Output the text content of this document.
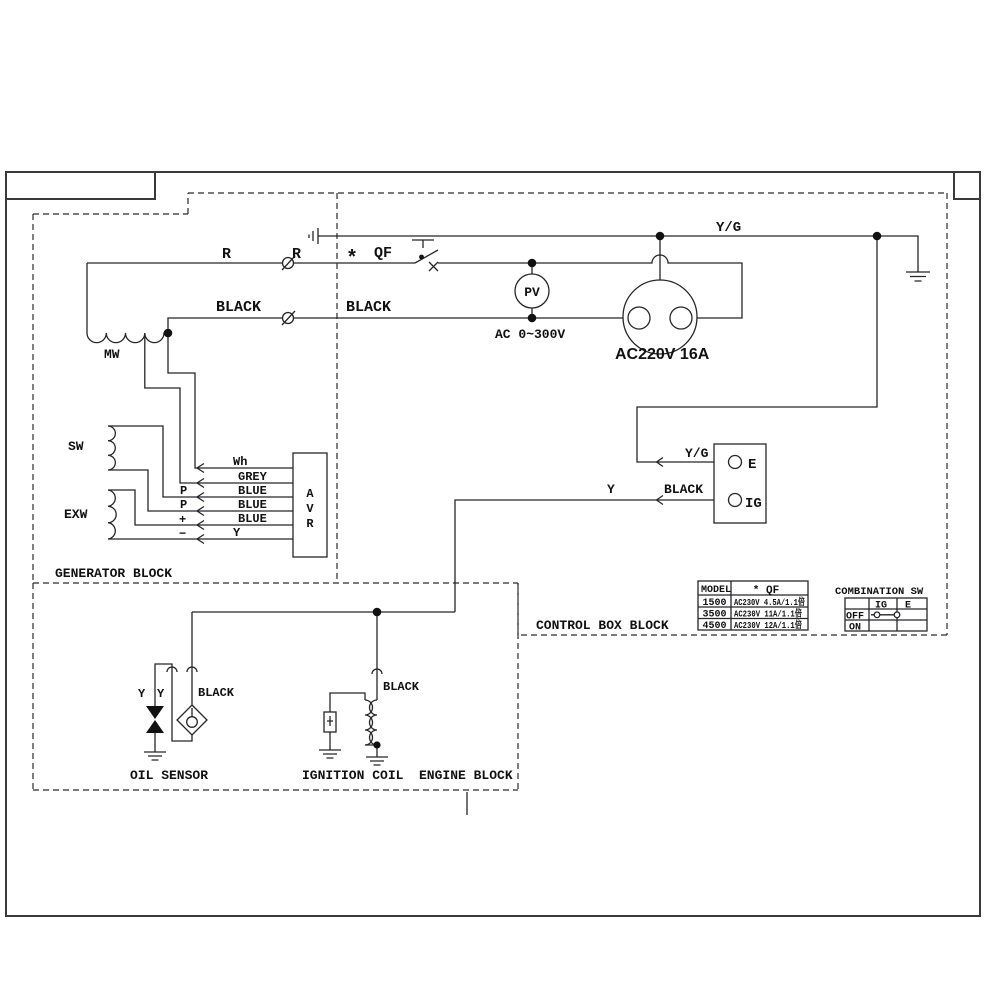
MODEL * QF
1500 AC230V 4.5A/1.1倍
3500 AC230V 11A/1.1倍
4500 AC230V 12A/1.1倍
COMBINATION SW
IG E
OFF
ON
R	R * QF
BLACK	BLACK
Y/G
MW
SW
EXW
Wh
GREY
BLUE
BLUE
BLUE
Y
P
P
+
−
A
V
R
GENERATOR BLOCK
PV
AC 0~300V
AC220V 16A
Y/G
E
Y	BLACK
IG
CONTROL BOX BLOCK
Y Y	BLACK	BLACK
OIL SENSOR	IGNITION COIL ENGINE BLOCK
